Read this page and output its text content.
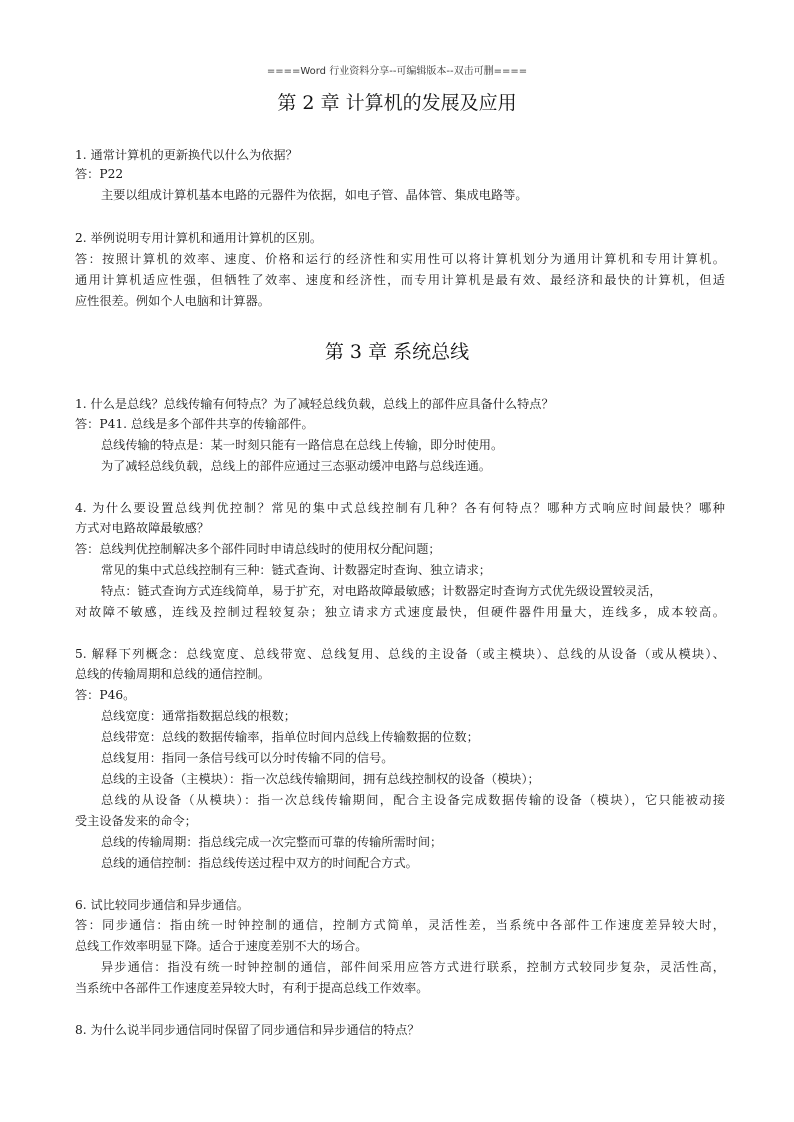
====Word 行业资料分享--可编辑版本--双击可删====
第 2 章 计算机的发展及应用
1. 通常计算机的更新换代以什么为依据？
答：P22
主要以组成计算机基本电路的元器件为依据，如电子管、晶体管、集成电路等。
2. 举例说明专用计算机和通用计算机的区别。
答：按照计算机的效率、速度、价格和运行的经济性和实用性可以将计算机划分为通用计算机和专用计算机。
通用计算机适应性强，但牺牲了效率、速度和经济性，而专用计算机是最有效、最经济和最快的计算机，但适
应性很差。例如个人电脑和计算器。
第 3 章 系统总线
1. 什么是总线？总线传输有何特点？为了减轻总线负载，总线上的部件应具备什么特点？
答：P41. 总线是多个部件共享的传输部件。
总线传输的特点是：某一时刻只能有一路信息在总线上传输，即分时使用。
为了减轻总线负载，总线上的部件应通过三态驱动缓冲电路与总线连通。
4. 为什么要设置总线判优控制？常见的集中式总线控制有几种？各有何特点？哪种方式响应时间最快？哪种
方式对电路故障最敏感？
答：总线判优控制解决多个部件同时申请总线时的使用权分配问题；
常见的集中式总线控制有三种：链式查询、计数器定时查询、独立请求；
特点：链式查询方式连线简单，易于扩充，对电路故障最敏感；计数器定时查询方式优先级设置较灵活，
对故障不敏感，连线及控制过程较复杂；独立请求方式速度最快，但硬件器件用量大，连线多，成本较高。
5. 解释下列概念：总线宽度、总线带宽、总线复用、总线的主设备（或主模块）、总线的从设备（或从模块）、
总线的传输周期和总线的通信控制。
答：P46。
总线宽度：通常指数据总线的根数；
总线带宽：总线的数据传输率，指单位时间内总线上传输数据的位数；
总线复用：指同一条信号线可以分时传输不同的信号。
总线的主设备（主模块）：指一次总线传输期间，拥有总线控制权的设备（模块）；
总线的从设备（从模块）：指一次总线传输期间，配合主设备完成数据传输的设备（模块），它只能被动接
受主设备发来的命令；
总线的传输周期：指总线完成一次完整而可靠的传输所需时间；
总线的通信控制：指总线传送过程中双方的时间配合方式。
6. 试比较同步通信和异步通信。
答：同步通信：指由统一时钟控制的通信，控制方式简单，灵活性差，当系统中各部件工作速度差异较大时，
总线工作效率明显下降。适合于速度差别不大的场合。
异步通信：指没有统一时钟控制的通信，部件间采用应答方式进行联系，控制方式较同步复杂，灵活性高，
当系统中各部件工作速度差异较大时，有利于提高总线工作效率。
8. 为什么说半同步通信同时保留了同步通信和异步通信的特点？
